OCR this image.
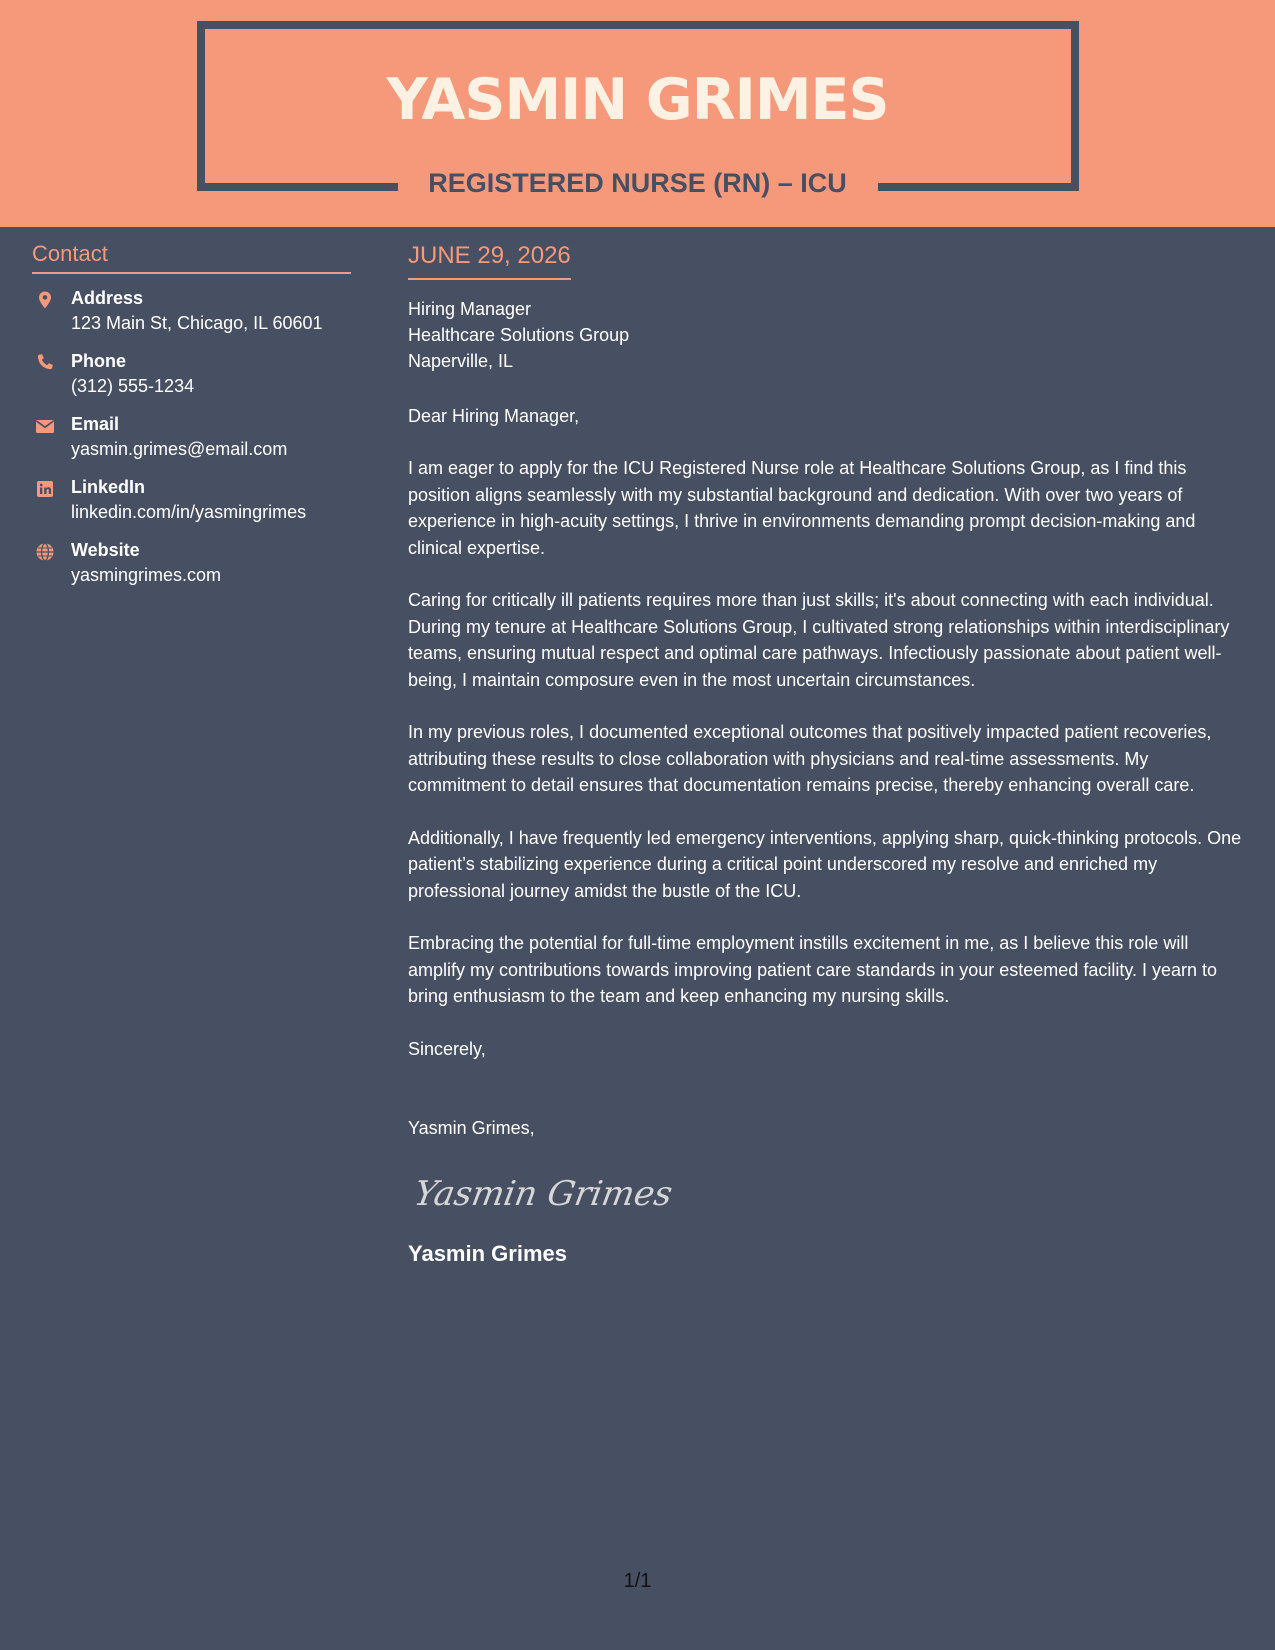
YASMIN GRIMES
REGISTERED NURSE (RN) – ICU
Contact
Address
123 Main St, Chicago, IL 60601
Phone
(312) 555-1234
Email
yasmin.grimes@email.com
LinkedIn
linkedin.com/in/yasmingrimes
Website
yasmingrimes.com
JUNE 29, 2026
Hiring Manager
Healthcare Solutions Group
Naperville, IL
Dear Hiring Manager,
I am eager to apply for the ICU Registered Nurse role at Healthcare Solutions Group, as I find this position aligns seamlessly with my substantial background and dedication. With over two years of experience in high-acuity settings, I thrive in environments demanding prompt decision-making and clinical expertise.
Caring for critically ill patients requires more than just skills; it's about connecting with each individual. During my tenure at Healthcare Solutions Group, I cultivated strong relationships within interdisciplinary teams, ensuring mutual respect and optimal care pathways. Infectiously passionate about patient well-being, I maintain composure even in the most uncertain circumstances.
In my previous roles, I documented exceptional outcomes that positively impacted patient recoveries, attributing these results to close collaboration with physicians and real-time assessments. My commitment to detail ensures that documentation remains precise, thereby enhancing overall care.
Additionally, I have frequently led emergency interventions, applying sharp, quick-thinking protocols. One patient’s stabilizing experience during a critical point underscored my resolve and enriched my professional journey amidst the bustle of the ICU.
Embracing the potential for full-time employment instills excitement in me, as I believe this role will amplify my contributions towards improving patient care standards in your esteemed facility. I yearn to bring enthusiasm to the team and keep enhancing my nursing skills.
Sincerely,
Yasmin Grimes,
Yasmin Grimes
Yasmin Grimes
1/1
